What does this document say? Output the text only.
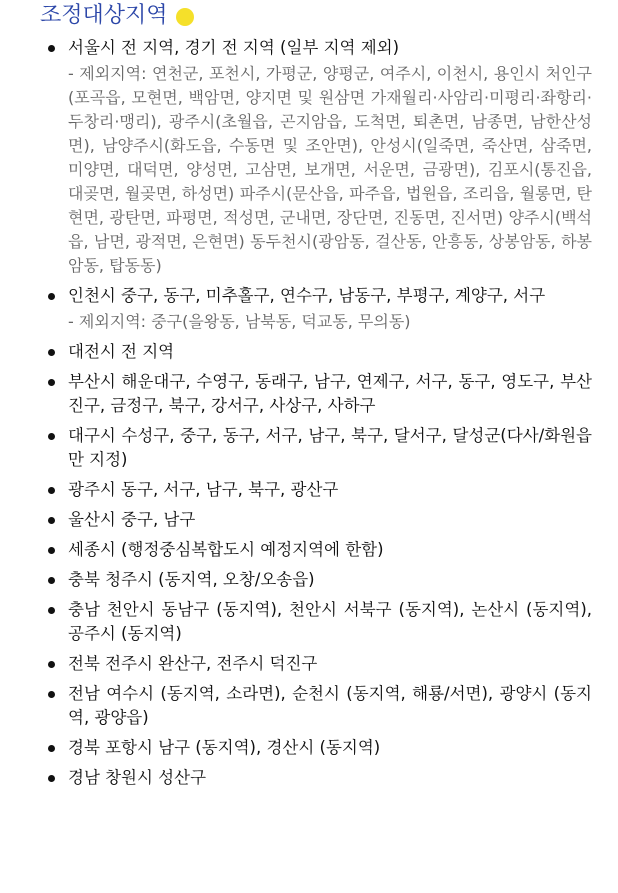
조정대상지역
서울시 전 지역, 경기 전 지역 (일부 지역 제외)
- 제외지역: 연천군, 포천시, 가평군, 양평군, 여주시, 이천시, 용인시 처인구(포곡읍, 모현면, 백암면, 양지면 및 원삼면 가재월리·사암리·미평리·좌항리·두창리·맹리), 광주시(초월읍, 곤지암읍, 도척면, 퇴촌면, 남종면, 남한산성면), 남양주시(화도읍, 수동면 및 조안면), 안성시(일죽면, 죽산면, 삼죽면, 미양면, 대덕면, 양성면, 고삼면, 보개면, 서운면, 금광면), 김포시(통진읍, 대곶면, 월곶면, 하성면) 파주시(문산읍, 파주읍, 법원읍, 조리읍, 월롱면, 탄현면, 광탄면, 파평면, 적성면, 군내면, 장단면, 진동면, 진서면) 양주시(백석읍, 남면, 광적면, 은현면) 동두천시(광암동, 걸산동, 안흥동, 상봉암동, 하봉암동, 탑동동)
인천시 중구, 동구, 미추홀구, 연수구, 남동구, 부평구, 계양구, 서구
- 제외지역: 중구(을왕동, 남북동, 덕교동, 무의동)
대전시 전 지역
부산시 해운대구, 수영구, 동래구, 남구, 연제구, 서구, 동구, 영도구, 부산진구, 금정구, 북구, 강서구, 사상구, 사하구
대구시 수성구, 중구, 동구, 서구, 남구, 북구, 달서구, 달성군(다사/화원읍만 지정)
광주시 동구, 서구, 남구, 북구, 광산구
울산시 중구, 남구
세종시 (행정중심복합도시 예정지역에 한함)
충북 청주시 (동지역, 오창/오송읍)
충남 천안시 동남구 (동지역), 천안시 서북구 (동지역), 논산시 (동지역), 공주시 (동지역)
전북 전주시 완산구, 전주시 덕진구
전남 여수시 (동지역, 소라면), 순천시 (동지역, 해룡/서면), 광양시 (동지역, 광양읍)
경북 포항시 남구 (동지역), 경산시 (동지역)
경남 창원시 성산구
